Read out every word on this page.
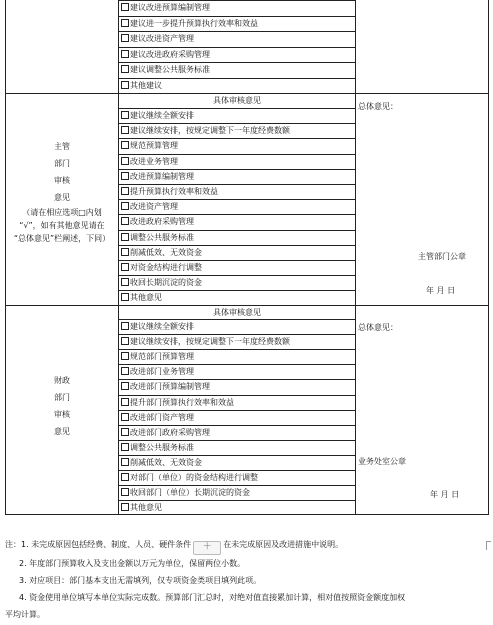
建议改进预算编制管理
建议进一步提升预算执行效率和效益
建议改进资产管理
建议改进政府采购管理
建议调整公共服务标准
其他建议
主管
部门
审核
意见
（请在相应选项□内划
“√”，如有其他意见请在
“总体意见”栏阐述，下同）
具体审核意见
建议继续全额安排
建议继续安排，按规定调整下一年度经费数额
规范预算管理
改进业务管理
改进预算编制管理
提升预算执行效率和效益
改进资产管理
改进政府采购管理
调整公共服务标准
削减低效、无效资金
对资金结构进行调整
收回长期沉淀的资金
其他意见
总体意见：
主管部门公章
年 月 日
财政
部门
审核
意见
具体审核意见
建议继续全额安排
建议继续安排，按规定调整下一年度经费数额
规范部门预算管理
改进部门业务管理
改进部门预算编制管理
提升部门预算执行效率和效益
改进部门资产管理
改进部门政府采购管理
调整公共服务标准
削减低效、无效资金
对部门（单位）的资金结构进行调整
收回部门（单位）长期沉淀的资金
其他意见
总体意见：
业务处室公章
年 月 日
注：1. 未完成原因包括经费、制度、人员、硬件条件 ＋ 在未完成原因及改进措施中说明。
2. 年度部门预算收入及支出金额以万元为单位，保留两位小数。
3. 对应项目：部门基本支出无需填列，仅专项资金类项目填列此项。
4. 资金使用单位填写本单位实际完成数。预算部门汇总时，对绝对值直接累加计算，相对值按照资金额度加权
平均计算。
